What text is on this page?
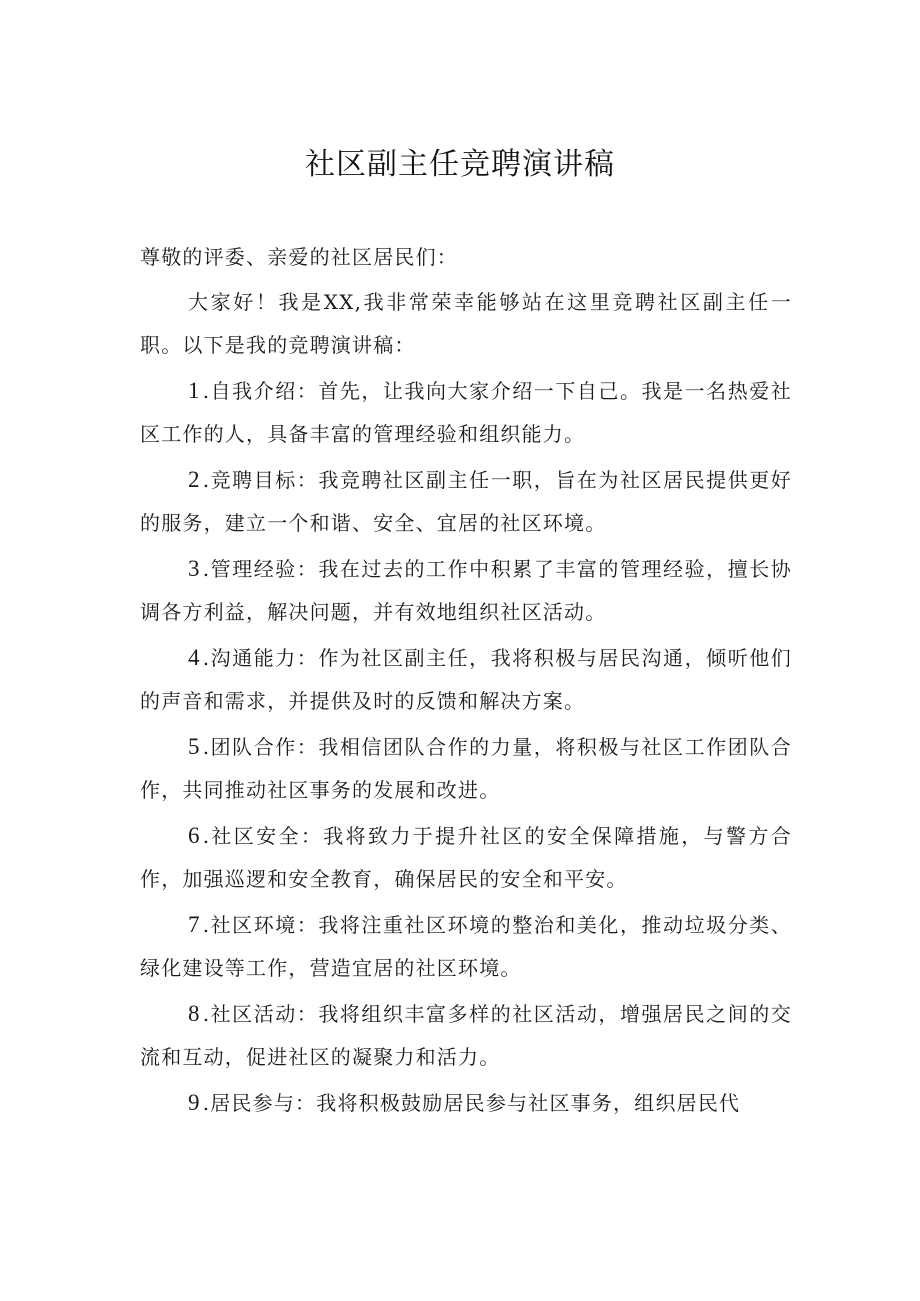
社区副主任竞聘演讲稿

尊敬的评委、亲爱的社区居民们：

大家好！我是XX,我非常荣幸能够站在这里竞聘社区副主任一职。以下是我的竞聘演讲稿：

1 .自我介绍：首先，让我向大家介绍一下自己。我是一名热爱社区工作的人，具备丰富的管理经验和组织能力。

2 .竞聘目标：我竞聘社区副主任一职，旨在为社区居民提供更好的服务，建立一个和谐、安全、宜居的社区环境。

3 .管理经验：我在过去的工作中积累了丰富的管理经验，擅长协调各方利益，解决问题，并有效地组织社区活动。

4 .沟通能力：作为社区副主任，我将积极与居民沟通，倾听他们的声音和需求，并提供及时的反馈和解决方案。

5 .团队合作：我相信团队合作的力量，将积极与社区工作团队合作，共同推动社区事务的发展和改进。

6 .社区安全：我将致力于提升社区的安全保障措施，与警方合作，加强巡逻和安全教育，确保居民的安全和平安。

7 .社区环境：我将注重社区环境的整治和美化，推动垃圾分类、绿化建设等工作，营造宜居的社区环境。

8 .社区活动：我将组织丰富多样的社区活动，增强居民之间的交流和互动，促进社区的凝聚力和活力。

9 .居民参与：我将积极鼓励居民参与社区事务，组织居民代
